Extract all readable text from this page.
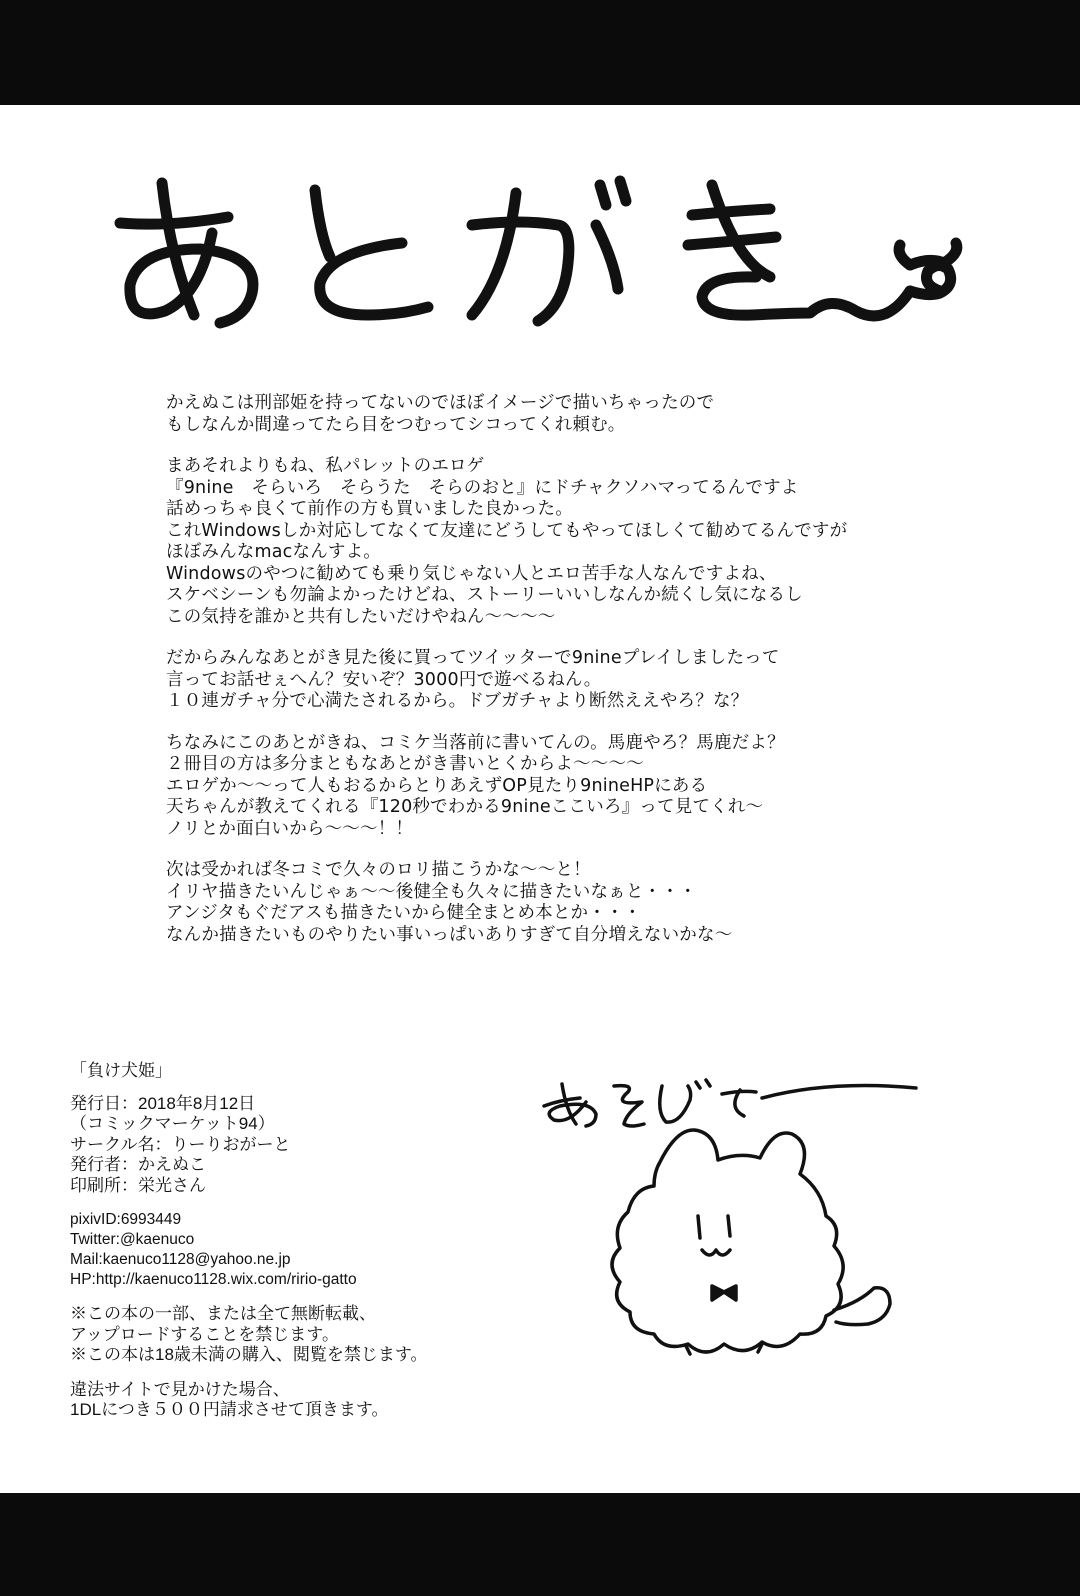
かえぬこは刑部姫を持ってないのでほぼイメージで描いちゃったので
もしなんか間違ってたら目をつむってシコってくれ頼む。
まあそれよりもね、私パレットのエロゲ
『9nine　そらいろ　そらうた　そらのおと』にドチャクソハマってるんですよ
話めっちゃ良くて前作の方も買いました良かった。
これWindowsしか対応してなくて友達にどうしてもやってほしくて勧めてるんですが
ほぼみんなmacなんすよ。
Windowsのやつに勧めても乗り気じゃない人とエロ苦手な人なんですよね、
スケベシーンも勿論よかったけどね、ストーリーいいしなんか続くし気になるし
この気持を誰かと共有したいだけやねん～～～～
だからみんなあとがき見た後に買ってツイッターで9nineプレイしましたって
言ってお話せぇへん？安いぞ？3000円で遊べるねん。
１０連ガチャ分で心満たされるから。ドブガチャより断然ええやろ？な？
ちなみにこのあとがきね、コミケ当落前に書いてんの。馬鹿やろ？馬鹿だよ？
２冊目の方は多分まともなあとがき書いとくからよ～～～～
エロゲか～～って人もおるからとりあえずOP見たり9nineHPにある
天ちゃんが教えてくれる『120秒でわかる9nineここいろ』って見てくれ～
ノリとか面白いから～～～！！
次は受かれば冬コミで久々のロリ描こうかな～～と！
イリヤ描きたいんじゃぁ～～後健全も久々に描きたいなぁと・・・
アンジタもぐだアスも描きたいから健全まとめ本とか・・・
なんか描きたいものやりたい事いっぱいありすぎて自分増えないかな～
「負け犬姫」
発行日：2018年8月12日
（コミックマーケット94）
サークル名：りーりおがーと
発行者：かえぬこ
印刷所：栄光さん
pixivID:6993449
Twitter:@kaenuco
Mail:kaenuco1128@yahoo.ne.jp
HP:http://kaenuco1128.wix.com/ririo-gatto
※この本の一部、または全て無断転載、
アップロードすることを禁じます。
※この本は18歳未満の購入、閲覧を禁じます。
違法サイトで見かけた場合、
1DLにつき５００円請求させて頂きます。
